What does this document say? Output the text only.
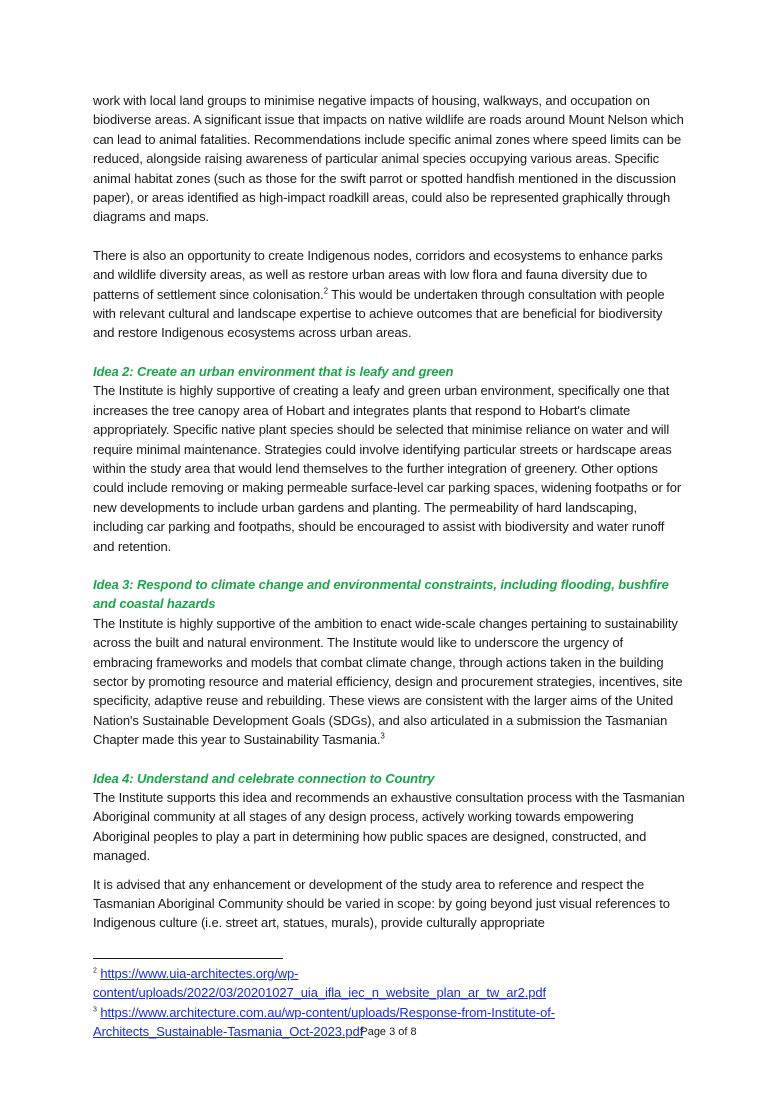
work with local land groups to minimise negative impacts of housing, walkways, and occupation on biodiverse areas. A significant issue that impacts on native wildlife are roads around Mount Nelson which can lead to animal fatalities. Recommendations include specific animal zones where speed limits can be reduced, alongside raising awareness of particular animal species occupying various areas. Specific animal habitat zones (such as those for the swift parrot or spotted handfish mentioned in the discussion paper), or areas identified as high-impact roadkill areas, could also be represented graphically through diagrams and maps.

There is also an opportunity to create Indigenous nodes, corridors and ecosystems to enhance parks and wildlife diversity areas, as well as restore urban areas with low flora and fauna diversity due to patterns of settlement since colonisation.$^2$ This would be undertaken through consultation with people with relevant cultural and landscape expertise to achieve outcomes that are beneficial for biodiversity and restore Indigenous ecosystems across urban areas.

Idea 2: Create an urban environment that is leafy and green

The Institute is highly supportive of creating a leafy and green urban environment, specifically one that increases the tree canopy area of Hobart and integrates plants that respond to Hobart's climate appropriately. Specific native plant species should be selected that minimise reliance on water and will require minimal maintenance. Strategies could involve identifying particular streets or hardscape areas within the study area that would lend themselves to the further integration of greenery. Other options could include removing or making permeable surface-level car parking spaces, widening footpaths or for new developments to include urban gardens and planting. The permeability of hard landscaping, including car parking and footpaths, should be encouraged to assist with biodiversity and water runoff and retention.

Idea 3: Respond to climate change and environmental constraints, including flooding, bushfire and coastal hazards

The Institute is highly supportive of the ambition to enact wide-scale changes pertaining to sustainability across the built and natural environment. The Institute would like to underscore the urgency of embracing frameworks and models that combat climate change, through actions taken in the building sector by promoting resource and material efficiency, design and procurement strategies, incentives, site specificity, adaptive reuse and rebuilding. These views are consistent with the larger aims of the United Nation's Sustainable Development Goals (SDGs), and also articulated in a submission the Tasmanian Chapter made this year to Sustainability Tasmania.$^3$

Idea 4: Understand and celebrate connection to Country

The Institute supports this idea and recommends an exhaustive consultation process with the Tasmanian Aboriginal community at all stages of any design process, actively working towards empowering Aboriginal peoples to play a part in determining how public spaces are designed, constructed, and managed.

It is advised that any enhancement or development of the study area to reference and respect the Tasmanian Aboriginal Community should be varied in scope: by going beyond just visual references to Indigenous culture (i.e. street art, statues, murals), provide culturally appropriate

$^2$ https://www.uia-architectes.org/wp-content/uploads/2022/03/20201027_uia_ifla_iec_n_website_plan_ar_tw_ar2.pdf

$^3$ https://www.architecture.com.au/wp-content/uploads/Response-from-Institute-of-Architects_Sustainable-Tasmania_Oct-2023.pdf

Page 3 of 8
